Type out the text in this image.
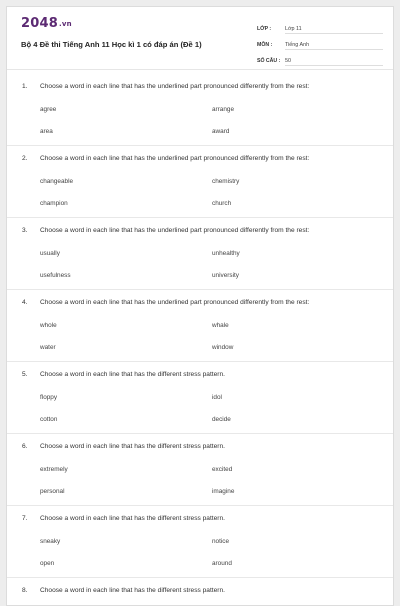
2048.vn
Bộ 4 Đề thi Tiếng Anh 11 Học kì 1 có đáp án (Đề 1)
LỚP :	Lớp 11
MÔN :	Tiếng Anh
SỐ CÂU : 50
1. Choose a word in each line that has the underlined part pronounced differently from the rest:
agree	arrange
area	award
2. Choose a word in each line that has the underlined part pronounced differently from the rest:
changeable	chemistry
champion	church
3. Choose a word in each line that has the underlined part pronounced differently from the rest:
usually	unhealthy
usefulness	university
4. Choose a word in each line that has the underlined part pronounced differently from the rest:
whole	whale
water	window
5. Choose a word in each line that has the different stress pattern.
floppy	idol
cotton	decide
6. Choose a word in each line that has the different stress pattern.
extremely	excited
personal	imagine
7. Choose a word in each line that has the different stress pattern.
sneaky	notice
open	around
8. Choose a word in each line that has the different stress pattern.
